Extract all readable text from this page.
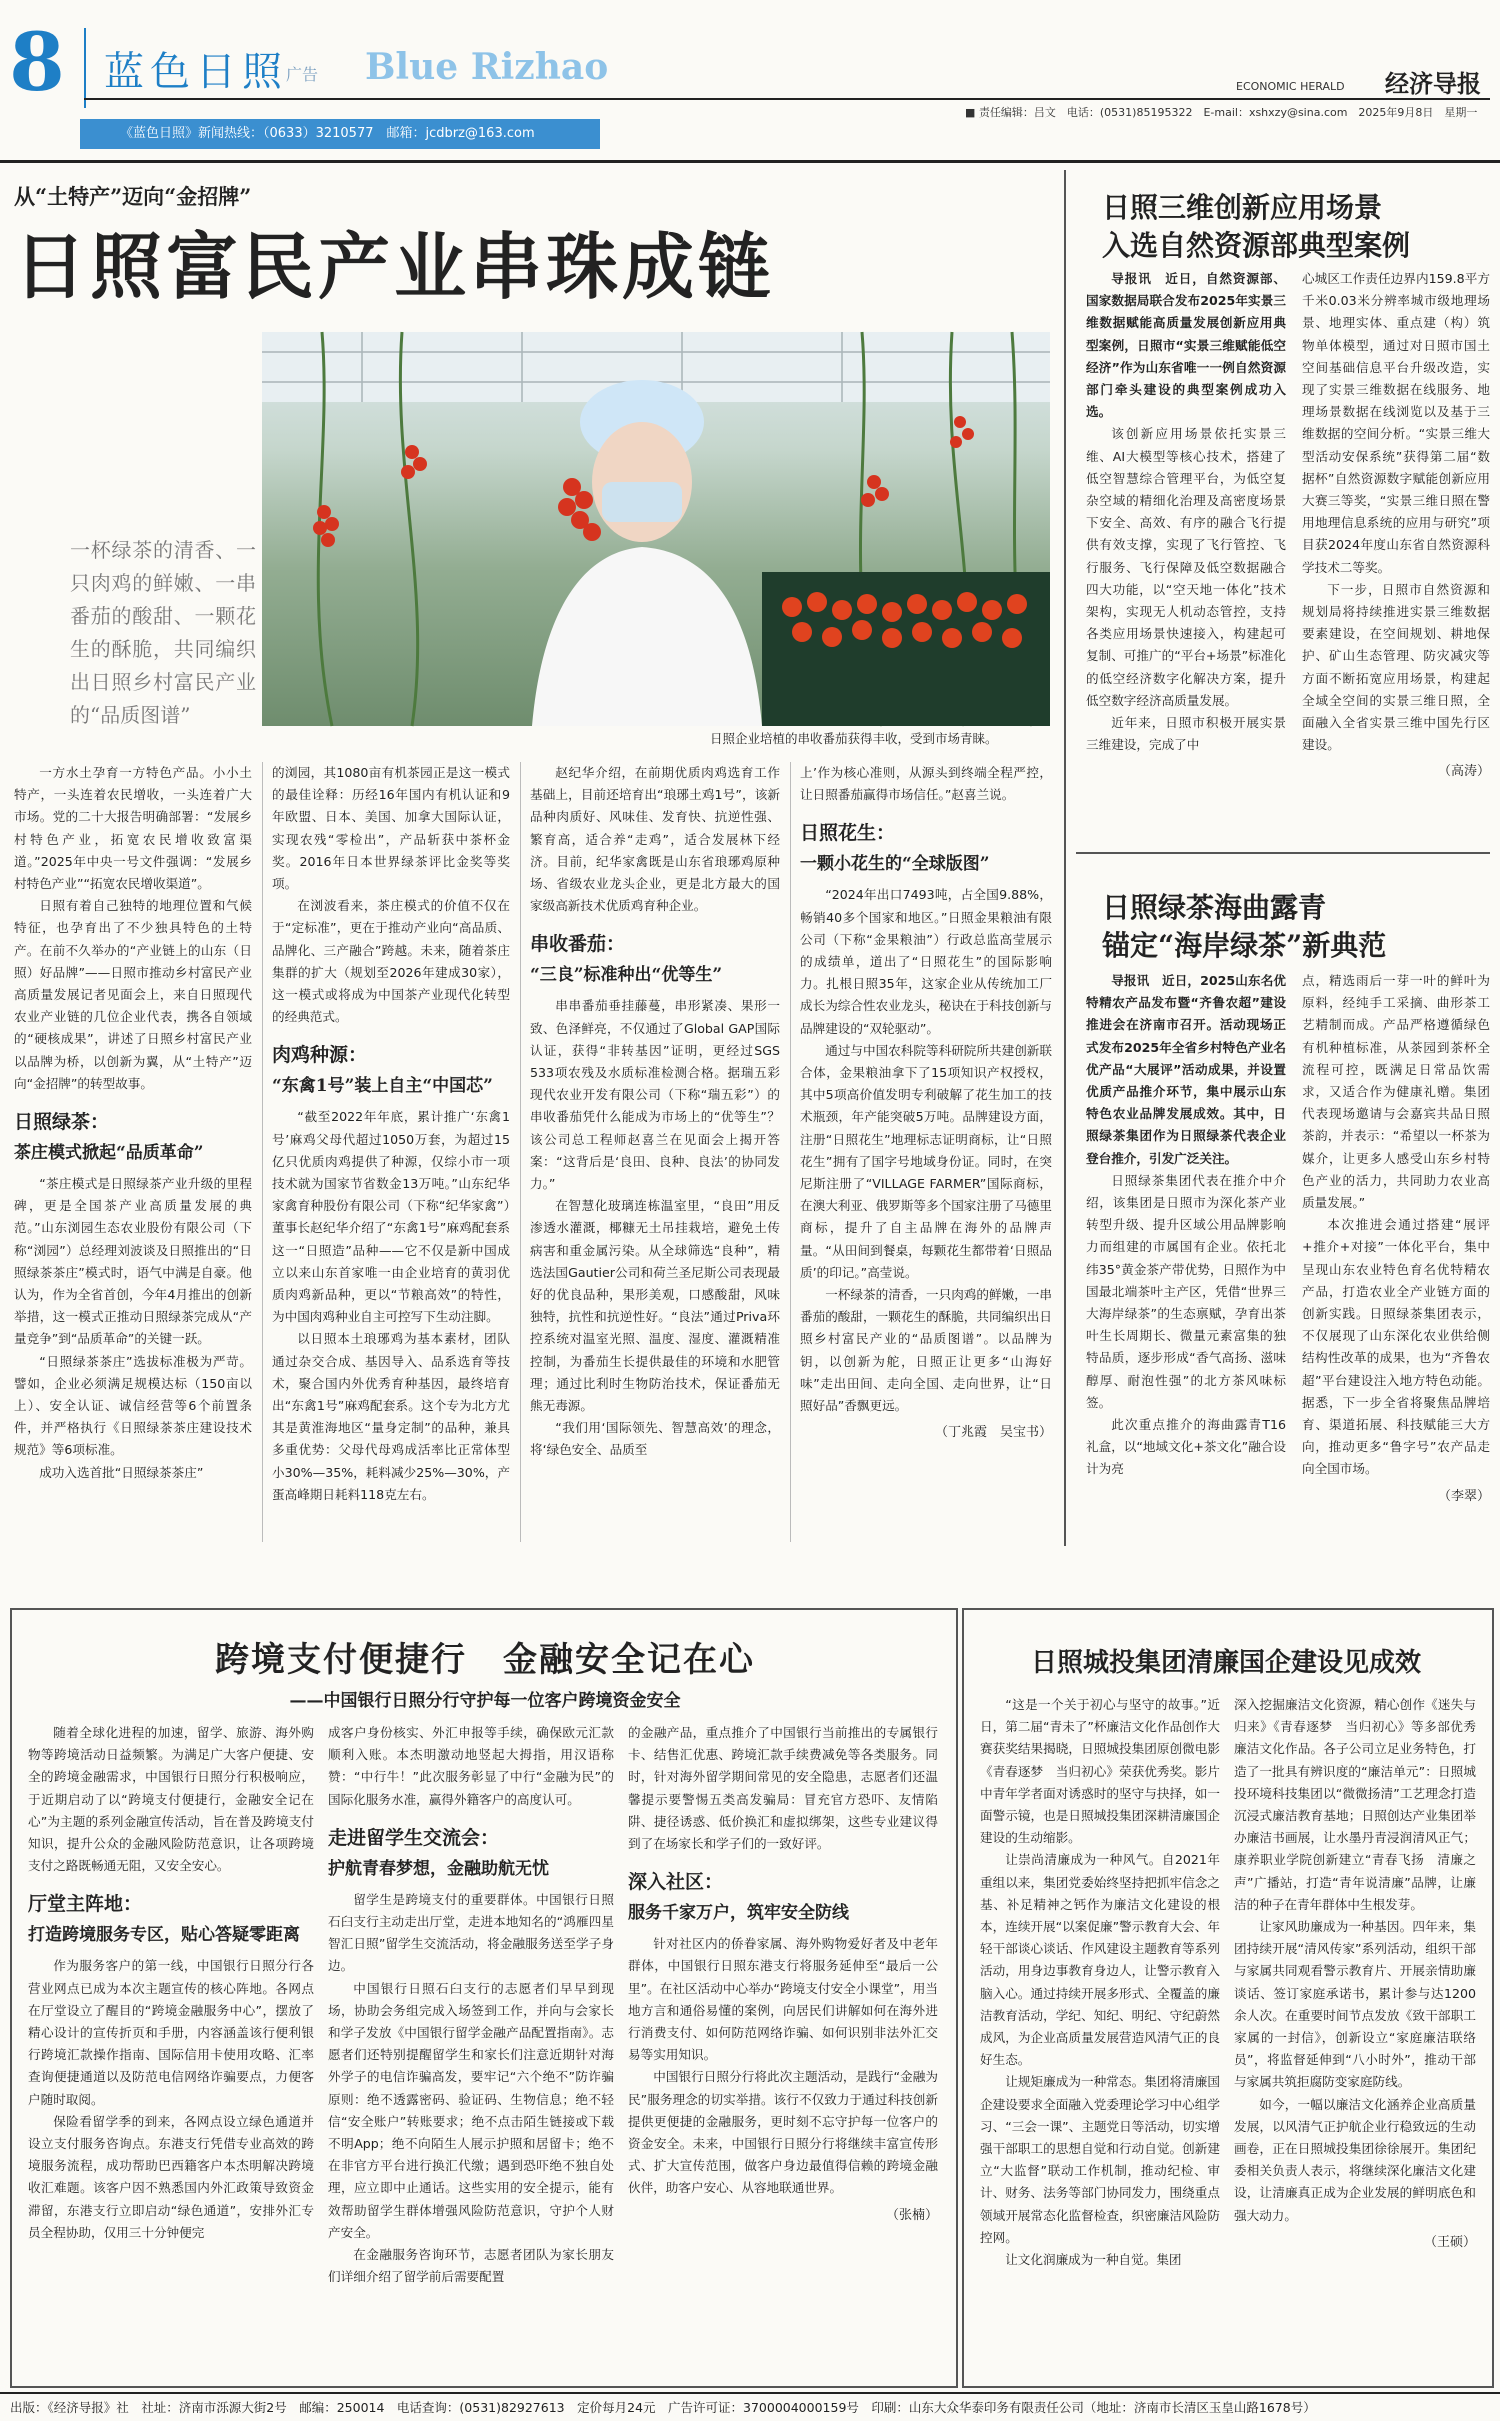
8 蓝色日照
广告 Blue Rizhao	ECONOMIC HERALD 经济导报
《蓝色日照》新闻热线：（0633）3210577　邮箱：jcdbrz@163.com
■ 责任编辑：吕文　电话：(0531)85195322　E-mail：xshxzy@sina.com　2025年9月8日　星期一
从“土特产”迈向“金招牌”
日照富民产业串珠成链
一杯绿茶的清香、一只肉鸡的鲜嫩、一串番茄的酸甜、一颗花生的酥脆，共同编织出日照乡村富民产业的“品质图谱”
日照企业培植的串收番茄获得丰收，受到市场青睐。

一方水土孕育一方特色产品。小小土特产，一头连着农民增收，一头连着广大市场。党的二十大报告明确部署：“发展乡村特色产业，拓宽农民增收致富渠道。”2025年中央一号文件强调：“发展乡村特色产业”“拓宽农民增收渠道”。

日照有着自己独特的地理位置和气候特征，也孕育出了不少独具特色的土特产。在前不久举办的“产业链上的山东（日照）好品牌”——日照市推动乡村富民产业高质量发展记者见面会上，来自日照现代农业产业链的几位企业代表，携各自领域的“硬核成果”，讲述了日照乡村富民产业以品牌为桥，以创新为翼，从“土特产”迈向“金招牌”的转型故事。

日照绿茶：
茶庄模式掀起“品质革命”

“茶庄模式是日照绿茶产业升级的里程碑，更是全国茶产业高质量发展的典范。”山东浏园生态农业股份有限公司（下称“浏园”）总经理刘波谈及日照推出的“日照绿茶茶庄”模式时，语气中满是自豪。他认为，作为全省首创，今年4月推出的创新举措，这一模式正推动日照绿茶完成从“产量竞争”到“品质革命”的关键一跃。

“日照绿茶茶庄”选拔标准极为严苛。譬如，企业必须满足规模达标（150亩以上）、安全认证、诚信经营等6个前置条件，并严格执行《日照绿茶茶庄建设技术规范》等6项标准。

成功入选首批“日照绿茶茶庄”

的浏园，其1080亩有机茶园正是这一模式的最佳诠释：历经16年国内有机认证和9年欧盟、日本、美国、加拿大国际认证，实现农残“零检出”，产品斩获中茶杯金奖。2016年日本世界绿茶评比金奖等奖项。

在浏波看来，茶庄模式的价值不仅在于“定标准”，更在于推动产业向“高品质、品牌化、三产融合”跨越。未来，随着茶庄集群的扩大（规划至2026年建成30家），这一模式或将成为中国茶产业现代化转型的经典范式。

肉鸡种源：
“东禽1号”装上自主“中国芯”

“截至2022年年底，累计推广‘东禽1号’麻鸡父母代超过1050万套，为超过15亿只优质肉鸡提供了种源，仅综小市一项技术就为国家节省数金13万吨。”山东纪华家禽育种股份有限公司（下称“纪华家禽”）董事长赵纪华介绍了“东禽1号”麻鸡配套系这一“日照造”品种——它不仅是新中国成立以来山东首家唯一由企业培育的黄羽优质肉鸡新品种，更以“节粮高效”的特性，为中国肉鸡种业自主可控写下生动注脚。

以日照本土琅琊鸡为基本素材，团队通过杂交合成、基因导入、品系选育等技术，聚合国内外优秀育种基因，最终培育出“东禽1号”麻鸡配套系。这个专为北方尤其是黄淮海地区“量身定制”的品种，兼具多重优势：父母代母鸡成活率比正常体型小30%—35%，耗料减少25%—30%，产蛋高峰期日耗料118克左右。

赵纪华介绍，在前期优质肉鸡选育工作基础上，目前还培育出“琅琊土鸡1号”，该新品种肉质好、风味佳、发育快、抗逆性强、繁育高，适合养“走鸡”，适合发展林下经济。目前，纪华家禽既是山东省琅琊鸡原种场、省级农业龙头企业，更是北方最大的国家级高新技术优质鸡育种企业。

串收番茄：
“三良”标准种出“优等生”

串串番茄垂挂藤蔓，串形紧凑、果形一致、色泽鲜亮，不仅通过了Global GAP国际认证，获得“非转基因”证明，更经过SGS 533项农残及水质标准检测合格。据瑞五彩现代农业开发有限公司（下称“瑞五彩”）的串收番茄凭什么能成为市场上的“优等生”？该公司总工程师赵喜兰在见面会上揭开答案：“这背后是‘良田、良种、良法’的协同发力。”

在智慧化玻璃连栋温室里，“良田”用反渗透水灌溉，椰糠无土吊挂栽培，避免土传病害和重金属污染。从全球筛选“良种”，精选法国Gautier公司和荷兰圣尼斯公司表现最好的优良品种，果形美观，口感酸甜，风味独特，抗性和抗逆性好。“良法”通过Priva环控系统对温室光照、温度、湿度、灌溉精准控制，为番茄生长提供最佳的环境和水肥管理；通过比利时生物防治技术，保证番茄无熊无毒源。

“我们用‘国际领先、智慧高效’的理念，将‘绿色安全、品质至

上’作为核心准则，从源头到终端全程严控，让日照番茄赢得市场信任。”赵喜兰说。

日照花生：
一颗小花生的“全球版图”

“2024年出口7493吨，占全国9.88%，畅销40多个国家和地区。”日照金果粮油有限公司（下称“金果粮油”）行政总监高莹展示的成绩单，道出了“日照花生”的国际影响力。扎根日照35年，这家企业从传统加工厂成长为综合性农业龙头，秘诀在于科技创新与品牌建设的“双轮驱动”。

通过与中国农科院等科研院所共建创新联合体，金果粮油拿下了15项知识产权授权，其中5项高价值发明专利破解了花生加工的技术瓶颈，年产能突破5万吨。品牌建设方面，注册“日照花生”地理标志证明商标，让“日照花生”拥有了国字号地域身份证。同时，在突尼斯注册了“VILLAGE FARMER”国际商标，在澳大利亚、俄罗斯等多个国家注册了马德里商标，提升了自主品牌在海外的品牌声量。“从田间到餐桌，每颗花生都带着‘日照品质’的印记。”高莹说。

一杯绿茶的清香，一只肉鸡的鲜嫩，一串番茄的酸甜，一颗花生的酥脆，共同编织出日照乡村富民产业的“品质图谱”。以品牌为钥，以创新为舵，日照正让更多“山海好味”走出田间、走向全国、走向世界，让“日照好品”香飘更远。

（丁兆霞　吴宝书）
日照三维创新应用场景
入选自然资源部典型案例

导报讯　近日，自然资源部、国家数据局联合发布2025年实景三维数据赋能高质量发展创新应用典型案例，日照市“实景三维赋能低空经济”作为山东省唯一一例自然资源部门牵头建设的典型案例成功入选。

该创新应用场景依托实景三维、AI大模型等核心技术，搭建了低空智慧综合管理平台，为低空复杂空域的精细化治理及高密度场景下安全、高效、有序的融合飞行提供有效支撑，实现了飞行管控、飞行服务、飞行保障及低空数据融合四大功能，以“空天地一体化”技术架构，实现无人机动态管控，支持各类应用场景快速接入，构建起可复制、可推广的“平台+场景”标准化的低空经济数字化解决方案，提升低空数字经济高质量发展。

近年来，日照市积极开展实景三维建设，完成了中

心城区工作责任边界内159.8平方千米0.03米分辨率城市级地理场景、地理实体、重点建（构）筑物单体模型，通过对日照市国土空间基础信息平台升级改造，实现了实景三维数据在线服务、地理场景数据在线浏览以及基于三维数据的空间分析。“实景三维大型活动安保系统”获得第二届“数据杯”自然资源数字赋能创新应用大赛三等奖，“实景三维日照在警用地理信息系统的应用与研究”项目获2024年度山东省自然资源科学技术二等奖。

下一步，日照市自然资源和规划局将持续推进实景三维数据要素建设，在空间规划、耕地保护、矿山生态管理、防灾减灾等方面不断拓宽应用场景，构建起全域全空间的实景三维日照，全面融入全省实景三维中国先行区建设。

（高涛）
日照绿茶海曲露青
锚定“海岸绿茶”新典范

导报讯　近日，2025山东名优特精农产品发布暨“齐鲁农超”建设推进会在济南市召开。活动现场正式发布2025年全省乡村特色产业名优产品“大展评”活动成果，并设置优质产品推介环节，集中展示山东特色农业品牌发展成效。其中，日照绿茶集团作为日照绿茶代表企业登台推介，引发广泛关注。

日照绿茶集团代表在推介中介绍，该集团是日照市为深化茶产业转型升级、提升区域公用品牌影响力而组建的市属国有企业。依托北纬35°黄金茶产带优势，日照作为中国最北端茶叶主产区，凭借“世界三大海岸绿茶”的生态禀赋，孕育出茶叶生长周期长、微量元素富集的独特品质，逐步形成“香气高扬、滋味醇厚、耐泡性强”的北方茶风味标签。

此次重点推介的海曲露青T16礼盒，以“地域文化+茶文化”融合设计为亮

点，精选雨后一芽一叶的鲜叶为原料，经纯手工采摘、曲形茶工艺精制而成。产品严格遵循绿色有机种植标准，从茶园到茶杯全流程可控，既满足日常品饮需求，又适合作为健康礼赠。集团代表现场邀请与会嘉宾共品日照茶韵，并表示：“希望以一杯茶为媒介，让更多人感受山东乡村特色产业的活力，共同助力农业高质量发展。”

本次推进会通过搭建“展评+推介+对接”一体化平台，集中呈现山东农业特色育名优特精农产品，打造农业全产业链方面的创新实践。日照绿茶集团表示，不仅展现了山东深化农业供给侧结构性改革的成果，也为“齐鲁农超”平台建设注入地方特色动能。据悉，下一步全省将聚焦品牌培育、渠道拓展、科技赋能三大方向，推动更多“鲁字号”农产品走向全国市场。

（李翠）
跨境支付便捷行　金融安全记在心
——中国银行日照分行守护每一位客户跨境资金安全

随着全球化进程的加速，留学、旅游、海外购物等跨境活动日益频繁。为满足广大客户便捷、安全的跨境金融需求，中国银行日照分行积极响应，于近期启动了以“跨境支付便捷行，金融安全记在心”为主题的系列金融宣传活动，旨在普及跨境支付知识，提升公众的金融风险防范意识，让各项跨境支付之路既畅通无阻，又安全安心。

厅堂主阵地：
打造跨境服务专区，贴心答疑零距离

作为服务客户的第一线，中国银行日照分行各营业网点已成为本次主题宣传的核心阵地。各网点在厅堂设立了醒目的“跨境金融服务中心”，摆放了精心设计的宣传折页和手册，内容涵盖该行便利银行跨境汇款操作指南、国际信用卡使用攻略、汇率查询便捷通道以及防范电信网络诈骗要点，力便客户随时取阅。

保险看留学季的到来，各网点设立绿色通道并设立支付服务咨询点。东港支行凭借专业高效的跨境服务流程，成功帮助巴西籍客户本杰明解决跨境收汇难题。该客户因不熟悉国内外汇政策导致资金滞留，东港支行立即启动“绿色通道”，安排外汇专员全程协助，仅用三十分钟便完

成客户身份核实、外汇申报等手续，确保欧元汇款顺利入账。本杰明激动地竖起大拇指，用汉语称赞：“中行牛！”此次服务彰显了中行“金融为民”的国际化服务水准，赢得外籍客户的高度认可。

走进留学生交流会：
护航青春梦想，金融助航无忧

留学生是跨境支付的重要群体。中国银行日照石臼支行主动走出厅堂，走进本地知名的“鸿雁四星　智汇日照”留学生交流活动，将金融服务送至学子身边。

中国银行日照石臼支行的志愿者们早早到现场，协助会务组完成入场签到工作，并向与会家长和学子发放《中国银行留学金融产品配置指南》。志愿者们还特别提醒留学生和家长们注意近期针对海外学子的电信诈骗高发，要牢记“六个绝不”防诈骗原则：绝不透露密码、验证码、生物信息；绝不轻信“安全账户”转账要求；绝不点击陌生链接或下载不明App；绝不向陌生人展示护照和居留卡；绝不在非官方平台进行换汇代缴；遇到恐吓绝不独自处理，应立即中止通话。这些实用的安全提示，能有效帮助留学生群体增强风险防范意识，守护个人财产安全。

在金融服务咨询环节，志愿者团队为家长朋友们详细介绍了留学前后需要配置

的金融产品，重点推介了中国银行当前推出的专属银行卡、结售汇优惠、跨境汇款手续费减免等各类服务。同时，针对海外留学期间常见的安全隐患，志愿者们还温馨提示要警惕五类高发骗局：冒充官方恐吓、友情陷阱、捷径诱惑、低价换汇和虚拟绑架，这些专业建议得到了在场家长和学子们的一致好评。

深入社区：
服务千家万户，筑牢安全防线

针对社区内的侨眷家属、海外购物爱好者及中老年群体，中国银行日照东港支行将服务延伸至“最后一公里”。在社区活动中心举办“跨境支付安全小课堂”，用当地方言和通俗易懂的案例，向居民们讲解如何在海外进行消费支付、如何防范网络诈骗、如何识别非法外汇交易等实用知识。

中国银行日照分行将此次主题活动，是践行“金融为民”服务理念的切实举措。该行不仅致力于通过科技创新提供更便捷的金融服务，更时刻不忘守护每一位客户的资金安全。未来，中国银行日照分行将继续丰富宣传形式、扩大宣传范围，做客户身边最值得信赖的跨境金融伙伴，助客户安心、从容地联通世界。

（张楠）
日照城投集团清廉国企建设见成效

“这是一个关于初心与坚守的故事。”近日，第二届“青未了”杯廉洁文化作品创作大赛获奖结果揭晓，日照城投集团原创微电影《青春逐梦　当归初心》荣获优秀奖。影片中青年学者面对诱惑时的坚守与抉择，如一面警示镜，也是日照城投集团深耕清廉国企建设的生动缩影。

让崇尚清廉成为一种风气。自2021年重组以来，集团党委始终坚持把抓牢信念之基、补足精神之钙作为廉洁文化建设的根本，连续开展“以案促廉”警示教育大会、年轻干部谈心谈话、作风建设主题教育等系列活动，用身边事教育身边人，让警示教育入脑入心。通过持续开展多形式、全覆盖的廉洁教育活动，学纪、知纪、明纪、守纪蔚然成风，为企业高质量发展营造风清气正的良好生态。

让规矩廉成为一种常态。集团将清廉国企建设要求全面融入党委理论学习中心组学习、“三会一课”、主题党日等活动，切实增强干部职工的思想自觉和行动自觉。创新建立“大监督”联动工作机制，推动纪检、审计、财务、法务等部门协同发力，围绕重点领域开展常态化监督检查，织密廉洁风险防控网。

让文化润廉成为一种自觉。集团

深入挖掘廉洁文化资源，精心创作《迷失与归来》《青春逐梦　当归初心》等多部优秀廉洁文化作品。各子公司立足业务特色，打造了一批具有辨识度的“廉洁单元”：日照城投环境科技集团以“微微扬清”工艺理念打造沉浸式廉洁教育基地；日照创达产业集团举办廉洁书画展，让水墨丹青浸润清风正气；康养职业学院创新建立“青春飞扬　清廉之声”广播站，打造“青年说清廉”品牌，让廉洁的种子在青年群体中生根发芽。

让家风助廉成为一种基因。四年来，集团持续开展“清风传家”系列活动，组织干部与家属共同观看警示教育片、开展亲情助廉谈话、签订家庭承诺书，累计参与达1200余人次。在重要时间节点发放《致干部职工家属的一封信》，创新设立“家庭廉洁联络员”，将监督延伸到“八小时外”，推动干部与家属共筑拒腐防变家庭防线。

如今，一幅以廉洁文化涵养企业高质量发展，以风清气正护航企业行稳致远的生动画卷，正在日照城投集团徐徐展开。集团纪委相关负责人表示，将继续深化廉洁文化建设，让清廉真正成为企业发展的鲜明底色和强大动力。

（王硕）
出版：《经济导报》社　社址：济南市泺源大街2号　邮编：250014　电话查询：(0531)82927613　定价每月24元　广告许可证：3700004000159号　印刷：山东大众华泰印务有限责任公司（地址：济南市长清区玉皇山路1678号）
